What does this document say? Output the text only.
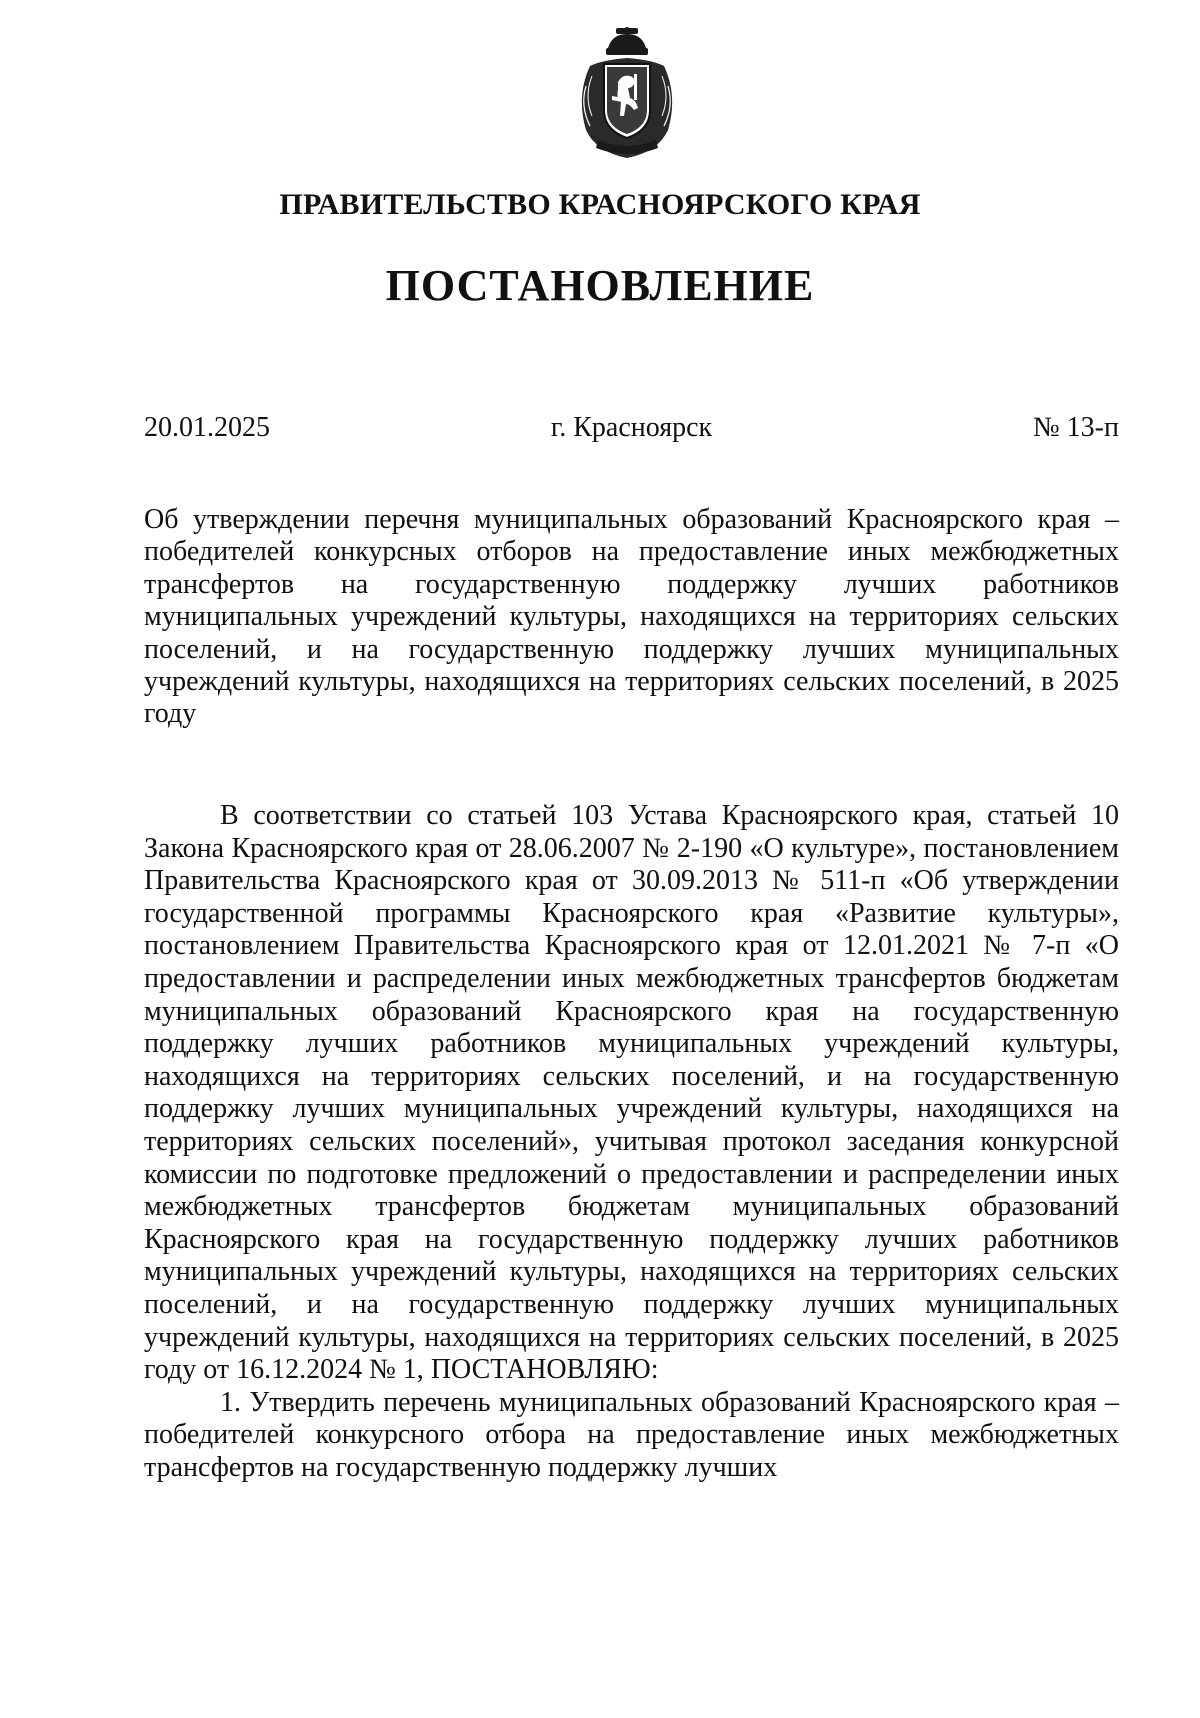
ПРАВИТЕЛЬСТВО КРАСНОЯРСКОГО КРАЯ
ПОСТАНОВЛЕНИЕ
г. Красноярск
20.01.2025	№ 13-п
Об утверждении перечня муниципальных образований Красноярского края – победителей конкурсных отборов на предоставление иных межбюджетных трансфертов на государственную поддержку лучших работников муниципальных учреждений культуры, находящихся на территориях сельских поселений, и на государственную поддержку лучших муниципальных учреждений культуры, находящихся на территориях сельских поселений, в 2025 году

В соответствии со статьей 103 Устава Красноярского края, статьей 10 Закона Красноярского края от 28.06.2007 № 2-190 «О культуре», постановлением Правительства Красноярского края от 30.09.2013 № 511-п «Об утверждении государственной программы Красноярского края «Развитие культуры», постановлением Правительства Красноярского края от 12.01.2021 № 7-п «О предоставлении и распределении иных межбюджетных трансфертов бюджетам муниципальных образований Красноярского края на государственную поддержку лучших работников муниципальных учреждений культуры, находящихся на территориях сельских поселений, и на государственную поддержку лучших муниципальных учреждений культуры, находящихся на территориях сельских поселений», учитывая протокол заседания конкурсной комиссии по подготовке предложений о предоставлении и распределении иных межбюджетных трансфертов бюджетам муниципальных образований Красноярского края на государственную поддержку лучших работников муниципальных учреждений культуры, находящихся на территориях сельских поселений, и на государственную поддержку лучших муниципальных учреждений культуры, находящихся на территориях сельских поселений, в 2025 году от 16.12.2024 № 1, ПОСТАНОВЛЯЮ:

1. Утвердить перечень муниципальных образований Красноярского края – победителей конкурсного отбора на предоставление иных межбюджетных трансфертов на государственную поддержку лучших
